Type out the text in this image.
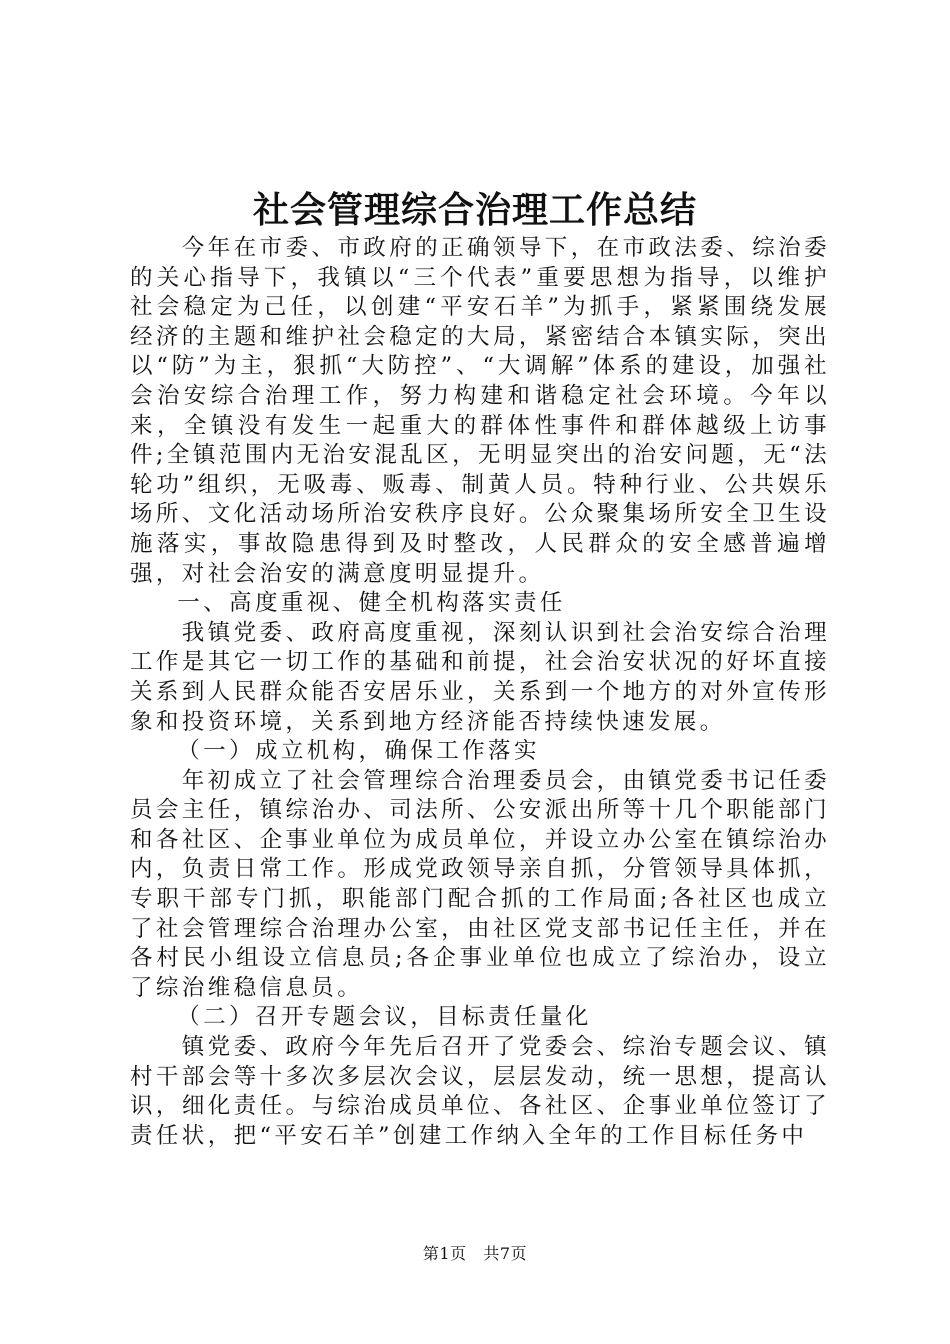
社会管理综合治理工作总结

今年在市委、市政府的正确领导下，在市政法委、综治委的关心指导下，我镇以“三个代表”重要思想为指导，以维护社会稳定为己任，以创建“平安石羊”为抓手，紧紧围绕发展经济的主题和维护社会稳定的大局，紧密结合本镇实际，突出以“防”为主，狠抓“大防控”、“大调解”体系的建设，加强社会治安综合治理工作，努力构建和谐稳定社会环境。今年以来，全镇没有发生一起重大的群体性事件和群体越级上访事件;全镇范围内无治安混乱区，无明显突出的治安问题，无“法轮功”组织，无吸毒、贩毒、制黄人员。特种行业、公共娱乐场所、文化活动场所治安秩序良好。公众聚集场所安全卫生设施落实，事故隐患得到及时整改，人民群众的安全感普遍增强，对社会治安的满意度明显提升。

一、高度重视、健全机构落实责任

我镇党委、政府高度重视，深刻认识到社会治安综合治理工作是其它一切工作的基础和前提，社会治安状况的好坏直接关系到人民群众能否安居乐业，关系到一个地方的对外宣传形象和投资环境，关系到地方经济能否持续快速发展。

（一）成立机构，确保工作落实

年初成立了社会管理综合治理委员会，由镇党委书记任委员会主任，镇综治办、司法所、公安派出所等十几个职能部门和各社区、企事业单位为成员单位，并设立办公室在镇综治办内，负责日常工作。形成党政领导亲自抓，分管领导具体抓，专职干部专门抓，职能部门配合抓的工作局面;各社区也成立了社会管理综合治理办公室，由社区党支部书记任主任，并在各村民小组设立信息员;各企事业单位也成立了综治办，设立了综治维稳信息员。

（二）召开专题会议，目标责任量化

镇党委、政府今年先后召开了党委会、综治专题会议、镇村干部会等十多次多层次会议，层层发动，统一思想，提高认识，细化责任。与综治成员单位、各社区、企事业单位签订了责任状，把“平安石羊”创建工作纳入全年的工作目标任务中

第1页 共7页
